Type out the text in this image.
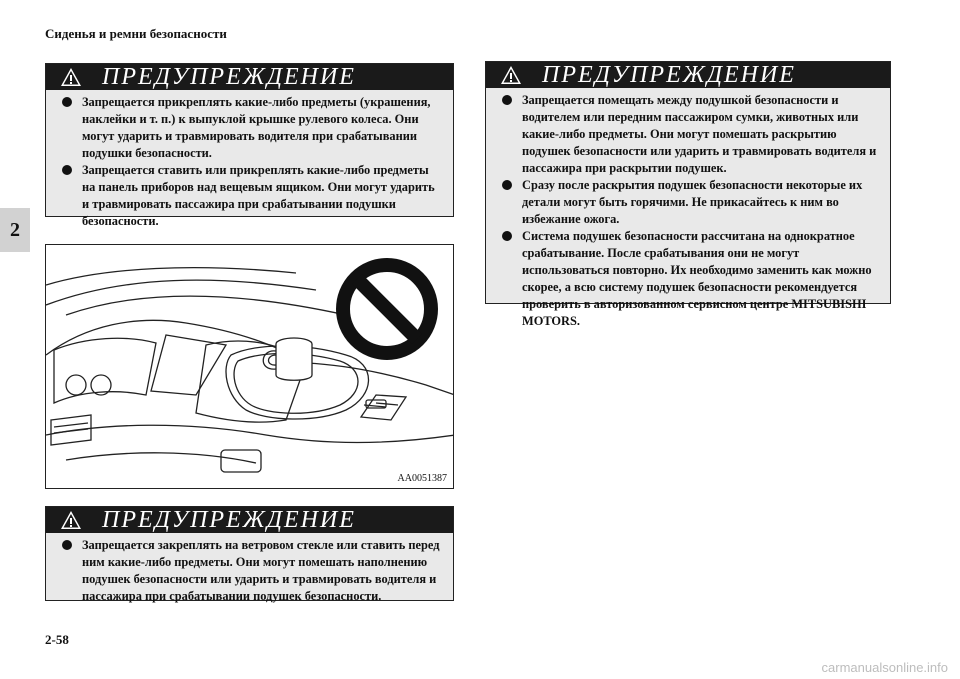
Сиденья и ремни безопасности
2
ПРЕДУПРЕЖДЕНИЕ
Запрещается прикреплять какие-либо предметы (украшения, наклейки и т. п.) к выпуклой крышке рулевого колеса. Они могут ударить и травмировать водителя при срабатывании подушки безопасности.
Запрещается ставить или прикреплять какие-либо предметы на панель приборов над вещевым ящиком. Они могут ударить и травмировать пассажира при срабатывании подушки безопасности.
AA0051387
ПРЕДУПРЕЖДЕНИЕ
Запрещается закреплять на ветровом стекле или ставить перед ним какие-либо предметы. Они могут помешать наполнению подушек безопасности или ударить и травмировать водителя и пассажира при срабатывании подушек безопасности.
ПРЕДУПРЕЖДЕНИЕ
Запрещается помещать между подушкой безопасности и водителем или передним пассажиром сумки, животных или какие-либо предметы. Они могут помешать раскрытию подушек безопасности или ударить и травмировать водителя и пассажира при раскрытии подушек.
Сразу после раскрытия подушек безопасности некоторые их детали могут быть горячими. Не прикасайтесь к ним во избежание ожога.
Система подушек безопасности рассчитана на однократное срабатывание. После срабатывания они не могут использоваться повторно. Их необходимо заменить как можно скорее, а всю систему подушек безопасности рекомендуется проверить в авторизованном сервисном центре MITSUBISHI MOTORS.
2-58
carmanualsonline.info
